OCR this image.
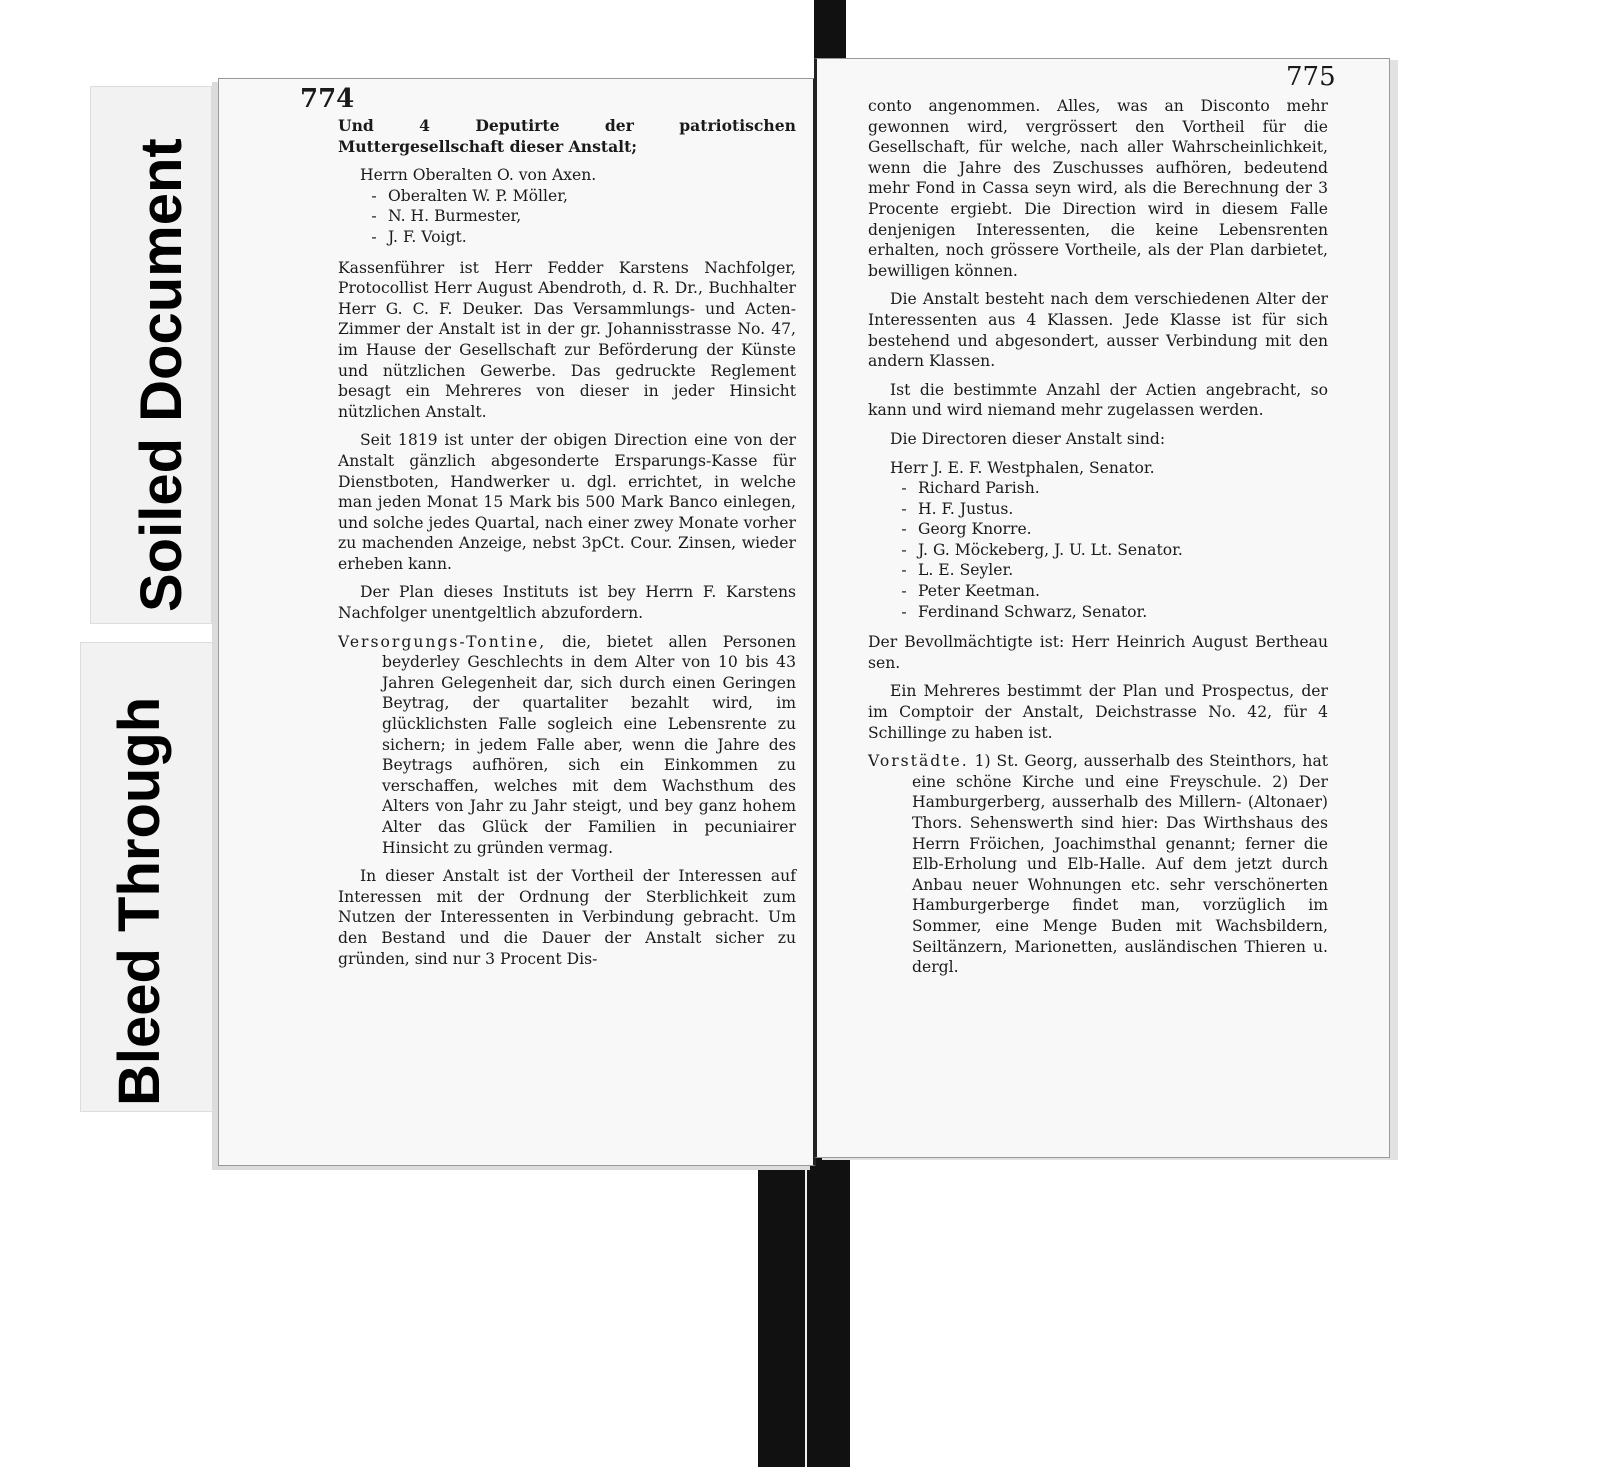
Soiled Document
Bleed Through
774
775

Und 4 Deputirte der patriotischen Muttergesellschaft dieser Anstalt;

Herrn Oberalten O. von Axen.
- Oberalten W. P. Möller,
- N. H. Burmester,
- J. F. Voigt.

Kassenführer ist Herr Fedder Karstens Nachfolger, Protocollist Herr August Abendroth, d. R. Dr., Buchhalter Herr G. C. F. Deuker. Das Versammlungs- und Acten-Zimmer der Anstalt ist in der gr. Johannisstrasse No. 47, im Hause der Gesellschaft zur Beförderung der Künste und nützlichen Gewerbe. Das gedruckte Reglement besagt ein Mehreres von dieser in jeder Hinsicht nützlichen Anstalt.

Seit 1819 ist unter der obigen Direction eine von der Anstalt gänzlich abgesonderte Ersparungs-Kasse für Dienstboten, Handwerker u. dgl. errichtet, in welche man jeden Monat 15 Mark bis 500 Mark Banco einlegen, und solche jedes Quartal, nach einer zwey Monate vorher zu machenden Anzeige, nebst 3pCt. Cour. Zinsen, wieder erheben kann.

Der Plan dieses Instituts ist bey Herrn F. Karstens Nachfolger unentgeltlich abzufordern.

Versorgungs-Tontine, die, bietet allen Personen beyderley Geschlechts in dem Alter von 10 bis 43 Jahren Gelegenheit dar, sich durch einen Geringen Beytrag, der quartaliter bezahlt wird, im glücklichsten Falle sogleich eine Lebensrente zu sichern; in jedem Falle aber, wenn die Jahre des Beytrags aufhören, sich ein Einkommen zu verschaffen, welches mit dem Wachsthum des Alters von Jahr zu Jahr steigt, und bey ganz hohem Alter das Glück der Familien in pecuniairer Hinsicht zu gründen vermag.

In dieser Anstalt ist der Vortheil der Interessen auf Interessen mit der Ordnung der Sterblichkeit zum Nutzen der Interessenten in Verbindung gebracht. Um den Bestand und die Dauer der Anstalt sicher zu gründen, sind nur 3 Procent Dis-

conto angenommen. Alles, was an Disconto mehr gewonnen wird, vergrössert den Vortheil für die Gesellschaft, für welche, nach aller Wahrscheinlichkeit, wenn die Jahre des Zuschusses aufhören, bedeutend mehr Fond in Cassa seyn wird, als die Berechnung der 3 Procente ergiebt. Die Direction wird in diesem Falle denjenigen Interessenten, die keine Lebensrenten erhalten, noch grössere Vortheile, als der Plan darbietet, bewilligen können.

Die Anstalt besteht nach dem verschiedenen Alter der Interessenten aus 4 Klassen. Jede Klasse ist für sich bestehend und abgesondert, ausser Verbindung mit den andern Klassen.

Ist die bestimmte Anzahl der Actien angebracht, so kann und wird niemand mehr zugelassen werden.

Die Directoren dieser Anstalt sind:

Herr J. E. F. Westphalen, Senator.
- Richard Parish.
- H. F. Justus.
- Georg Knorre.
- J. G. Möckeberg, J. U. Lt. Senator.
- L. E. Seyler.
- Peter Keetman.
- Ferdinand Schwarz, Senator.

Der Bevollmächtigte ist: Herr Heinrich August Bertheau sen.

Ein Mehreres bestimmt der Plan und Prospectus, der im Comptoir der Anstalt, Deichstrasse No. 42, für 4 Schillinge zu haben ist.

Vorstädte. 1) St. Georg, ausserhalb des Steinthors, hat eine schöne Kirche und eine Freyschule. 2) Der Hamburgerberg, ausserhalb des Millern- (Altonaer) Thors. Sehenswerth sind hier: Das Wirthshaus des Herrn Fröichen, Joachimsthal genannt; ferner die Elb-Erholung und Elb-Halle. Auf dem jetzt durch Anbau neuer Wohnungen etc. sehr verschönerten Hamburgerberge findet man, vorzüglich im Sommer, eine Menge Buden mit Wachsbildern, Seiltänzern, Marionetten, ausländischen Thieren u. dergl.
